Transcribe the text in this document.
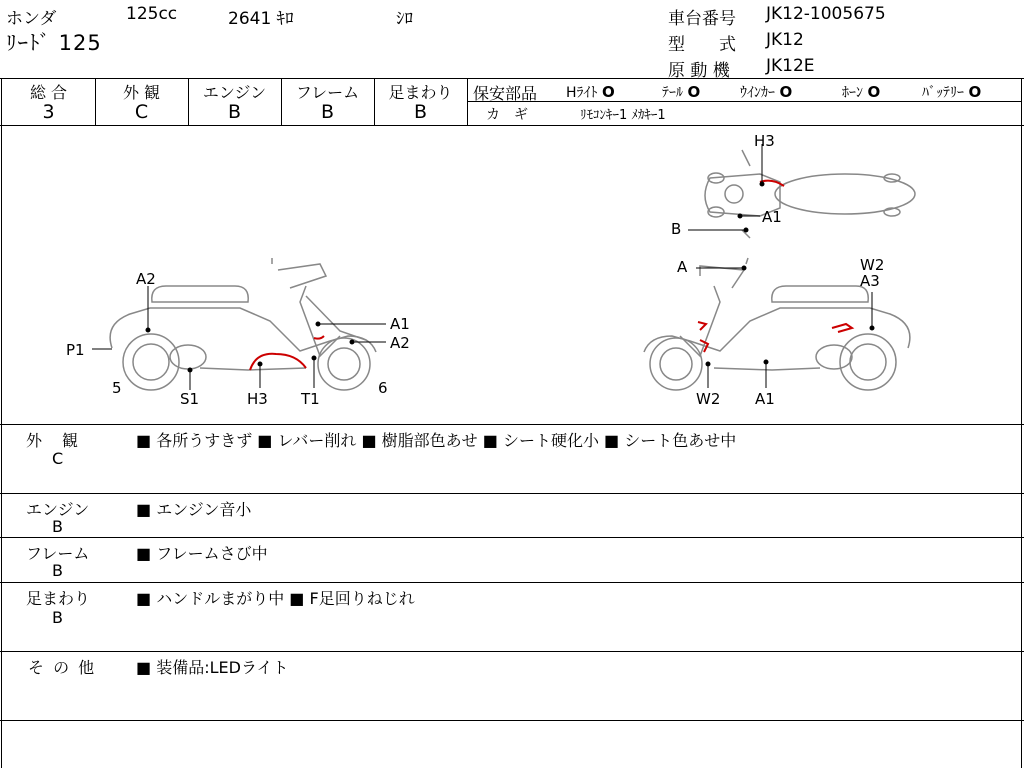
ホンダ	125cc	2641 ｷﾛ	ｼﾛ
ﾘｰﾄﾞ 125
車台番号 JK12-1005675
型　　式 JK12
原 動 機 JK12E
総 合
3
外 観
C
エンジン
B
フレーム
B
足まわり
B
保安部品 Hﾗｲﾄ O	ﾃｰﾙ O	ｳｲﾝｶｰ O	ﾎｰﾝ O	ﾊﾞｯﾃﾘｰ O
カ　ギ	ﾘﾓｺﾝｷｰ1 ﾒｶｷｰ1
A2
P1
5
S1	H3 T1
6
A1
A2
H3
A1
B
A	W2
A3
W2 A1
外　観
C
■ 各所うすきず ■ レバー削れ ■ 樹脂部色あせ ■ シート硬化小 ■ シート色あせ中
エンジン
B
■ エンジン音小
フレーム
B
■ フレームさび中
足まわり
B
■ ハンドルまがり中 ■ F足回りねじれ
そ の 他 ■ 装備品:LEDライト
